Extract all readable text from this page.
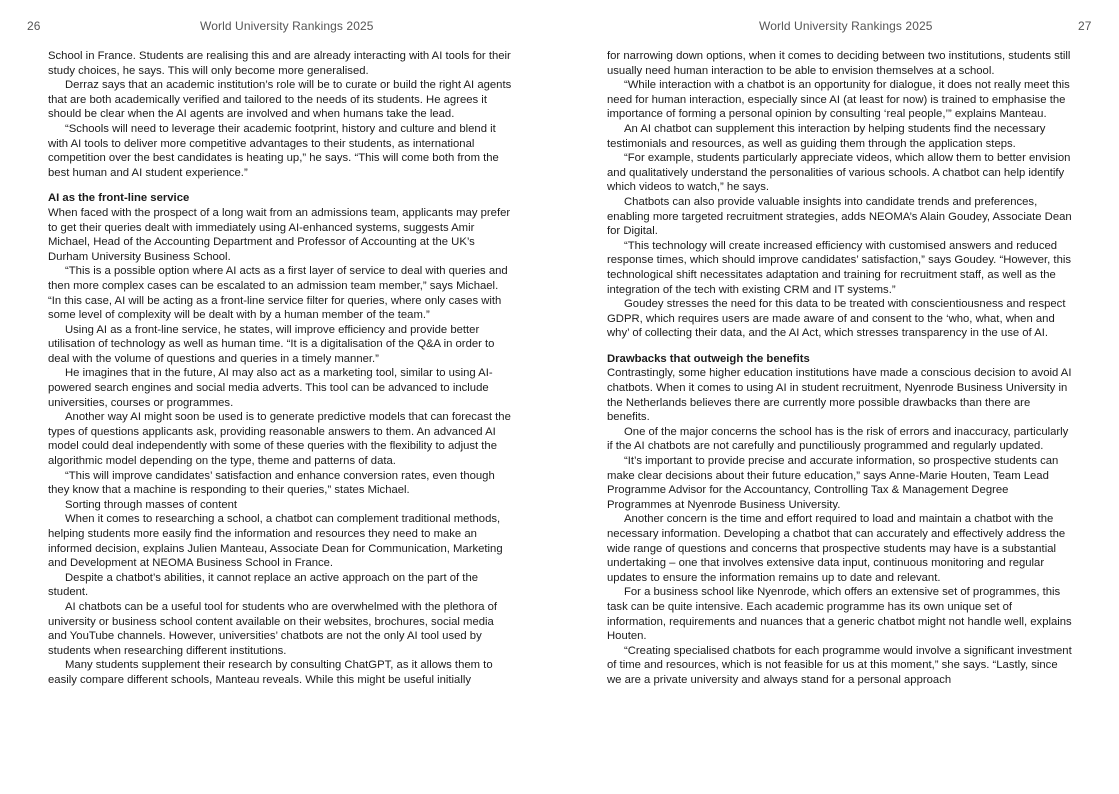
26	World University Rankings 2025

School in France. Students are realising this and are already interacting with AI tools for their study choices, he says. This will only become more generalised.

Derraz says that an academic institution’s role will be to curate or build the right AI agents that are both academically verified and tailored to the needs of its students. He agrees it should be clear when the AI agents are involved and when humans take the lead.

“Schools will need to leverage their academic footprint, history and culture and blend it with AI tools to deliver more competitive advantages to their students, as international competition over the best candidates is heating up,” he says. “This will come both from the best human and AI student experience.”

AI as the front-line service

When faced with the prospect of a long wait from an admissions team, applicants may prefer to get their queries dealt with immediately using AI-enhanced systems, suggests Amir Michael, Head of the Accounting Department and Professor of Accounting at the UK’s Durham University Business School.

“This is a possible option where AI acts as a first layer of service to deal with queries and then more complex cases can be escalated to an admission team member,” says Michael. “In this case, AI will be acting as a front-line service filter for queries, where only cases with some level of complexity will be dealt with by a human member of the team.”

Using AI as a front-line service, he states, will improve efficiency and provide better utilisation of technology as well as human time. “It is a digitalisation of the Q&A in order to deal with the volume of questions and queries in a timely manner.”

He imagines that in the future, AI may also act as a marketing tool, similar to using AI-powered search engines and social media adverts. This tool can be advanced to include universities, courses or programmes.

Another way AI might soon be used is to generate predictive models that can forecast the types of questions applicants ask, providing reasonable answers to them. An advanced AI model could deal independently with some of these queries with the flexibility to adjust the algorithmic model depending on the type, theme and patterns of data.

“This will improve candidates’ satisfaction and enhance conversion rates, even though they know that a machine is responding to their queries,” states Michael.

Sorting through masses of content

When it comes to researching a school, a chatbot can complement traditional methods, helping students more easily find the information and resources they need to make an informed decision, explains Julien Manteau, Associate Dean for Communication, Marketing and Development at NEOMA Business School in France.

Despite a chatbot’s abilities, it cannot replace an active approach on the part of the student.

AI chatbots can be a useful tool for students who are overwhelmed with the plethora of university or business school content available on their websites, brochures, social media and YouTube channels. However, universities’ chatbots are not the only AI tool used by students when researching different institutions.

Many students supplement their research by consulting ChatGPT, as it allows them to easily compare different schools, Manteau reveals. While this might be useful initially

World University Rankings 2025	27

for narrowing down options, when it comes to deciding between two institutions, students still usually need human interaction to be able to envision themselves at a school.

“While interaction with a chatbot is an opportunity for dialogue, it does not really meet this need for human interaction, especially since AI (at least for now) is trained to emphasise the importance of forming a personal opinion by consulting ‘real people,’” explains Manteau.

An AI chatbot can supplement this interaction by helping students find the necessary testimonials and resources, as well as guiding them through the application steps.

“For example, students particularly appreciate videos, which allow them to better envision and qualitatively understand the personalities of various schools. A chatbot can help identify which videos to watch,” he says.

Chatbots can also provide valuable insights into candidate trends and preferences, enabling more targeted recruitment strategies, adds NEOMA’s Alain Goudey, Associate Dean for Digital.

“This technology will create increased efficiency with customised answers and reduced response times, which should improve candidates’ satisfaction,” says Goudey. “However, this technological shift necessitates adaptation and training for recruitment staff, as well as the integration of the tech with existing CRM and IT systems.”

Goudey stresses the need for this data to be treated with conscientiousness and respect GDPR, which requires users are made aware of and consent to the ‘who, what, when and why’ of collecting their data, and the AI Act, which stresses transparency in the use of AI.

Drawbacks that outweigh the benefits

Contrastingly, some higher education institutions have made a conscious decision to avoid AI chatbots. When it comes to using AI in student recruitment, Nyenrode Business University in the Netherlands believes there are currently more possible drawbacks than there are benefits.

One of the major concerns the school has is the risk of errors and inaccuracy, particularly if the AI chatbots are not carefully and punctiliously programmed and regularly updated.

“It’s important to provide precise and accurate information, so prospective students can make clear decisions about their future education,” says Anne-Marie Houten, Team Lead Programme Advisor for the Accountancy, Controlling Tax & Management Degree Programmes at Nyenrode Business University.

Another concern is the time and effort required to load and maintain a chatbot with the necessary information. Developing a chatbot that can accurately and effectively address the wide range of questions and concerns that prospective students may have is a substantial undertaking – one that involves extensive data input, continuous monitoring and regular updates to ensure the information remains up to date and relevant.

For a business school like Nyenrode, which offers an extensive set of programmes, this task can be quite intensive. Each academic programme has its own unique set of information, requirements and nuances that a generic chatbot might not handle well, explains Houten.

“Creating specialised chatbots for each programme would involve a significant investment of time and resources, which is not feasible for us at this moment,” she says. “Lastly, since we are a private university and always stand for a personal approach
